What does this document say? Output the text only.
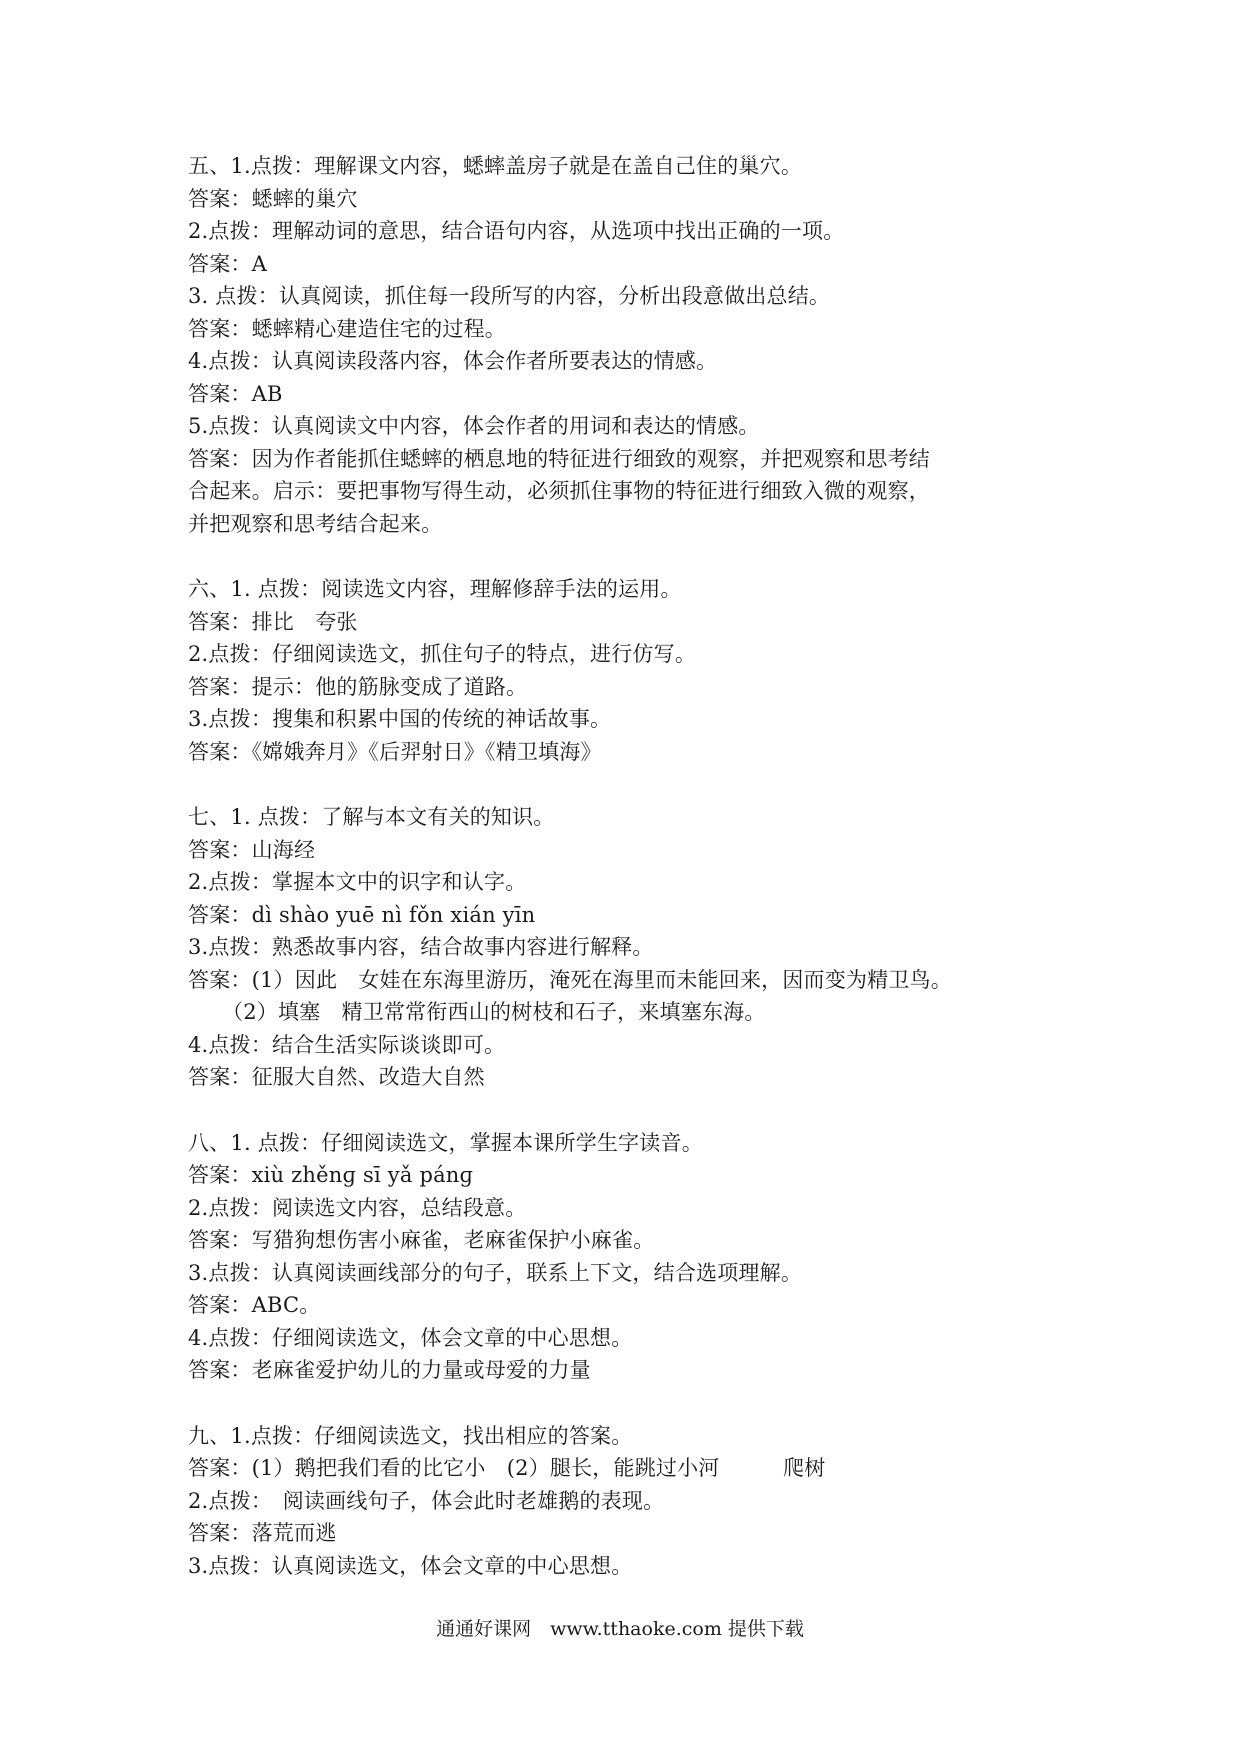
五、1.点拨：理解课文内容，蟋蟀盖房子就是在盖自己住的巢穴。
答案：蟋蟀的巢穴
2.点拨：理解动词的意思，结合语句内容，从选项中找出正确的一项。
答案：A
3. 点拨：认真阅读，抓住每一段所写的内容，分析出段意做出总结。
答案：蟋蟀精心建造住宅的过程。
4.点拨：认真阅读段落内容，体会作者所要表达的情感。
答案：AB
5.点拨：认真阅读文中内容，体会作者的用词和表达的情感。
答案：因为作者能抓住蟋蟀的栖息地的特征进行细致的观察，并把观察和思考结
合起来。启示：要把事物写得生动，必须抓住事物的特征进行细致入微的观察，
并把观察和思考结合起来。
六、1. 点拨：阅读选文内容，理解修辞手法的运用。
答案：排比　夸张
2.点拨：仔细阅读选文，抓住句子的特点，进行仿写。
答案：提示：他的筋脉变成了道路。
3.点拨：搜集和积累中国的传统的神话故事。
答案：《嫦娥奔月》《后羿射日》《精卫填海》
七、1. 点拨：了解与本文有关的知识。
答案：山海经
2.点拨：掌握本文中的识字和认字。
答案：dì shào yuē nì fǒn xián yīn
3.点拨：熟悉故事内容，结合故事内容进行解释。
答案：(1）因此　女娃在东海里游历，淹死在海里而未能回来，因而变为精卫鸟。
（2）填塞　精卫常常衔西山的树枝和石子，来填塞东海。
4.点拨：结合生活实际谈谈即可。
答案：征服大自然、改造大自然
八、1. 点拨：仔细阅读选文，掌握本课所学生字读音。
答案：xiù zhěnɡ sī yǎ pánɡ
2.点拨：阅读选文内容，总结段意。
答案：写猎狗想伤害小麻雀，老麻雀保护小麻雀。
3.点拨：认真阅读画线部分的句子，联系上下文，结合选项理解。
答案：ABC。
4.点拨：仔细阅读选文，体会文章的中心思想。
答案：老麻雀爱护幼儿的力量或母爱的力量
九、1.点拨：仔细阅读选文，找出相应的答案。
答案：(1）鹅把我们看的比它小　(2）腿长，能跳过小河　　　爬树
2.点拨：　阅读画线句子，体会此时老雄鹅的表现。
答案：落荒而逃
3.点拨：认真阅读选文，体会文章的中心思想。
通通好课网　www.tthaoke.com 提供下载
